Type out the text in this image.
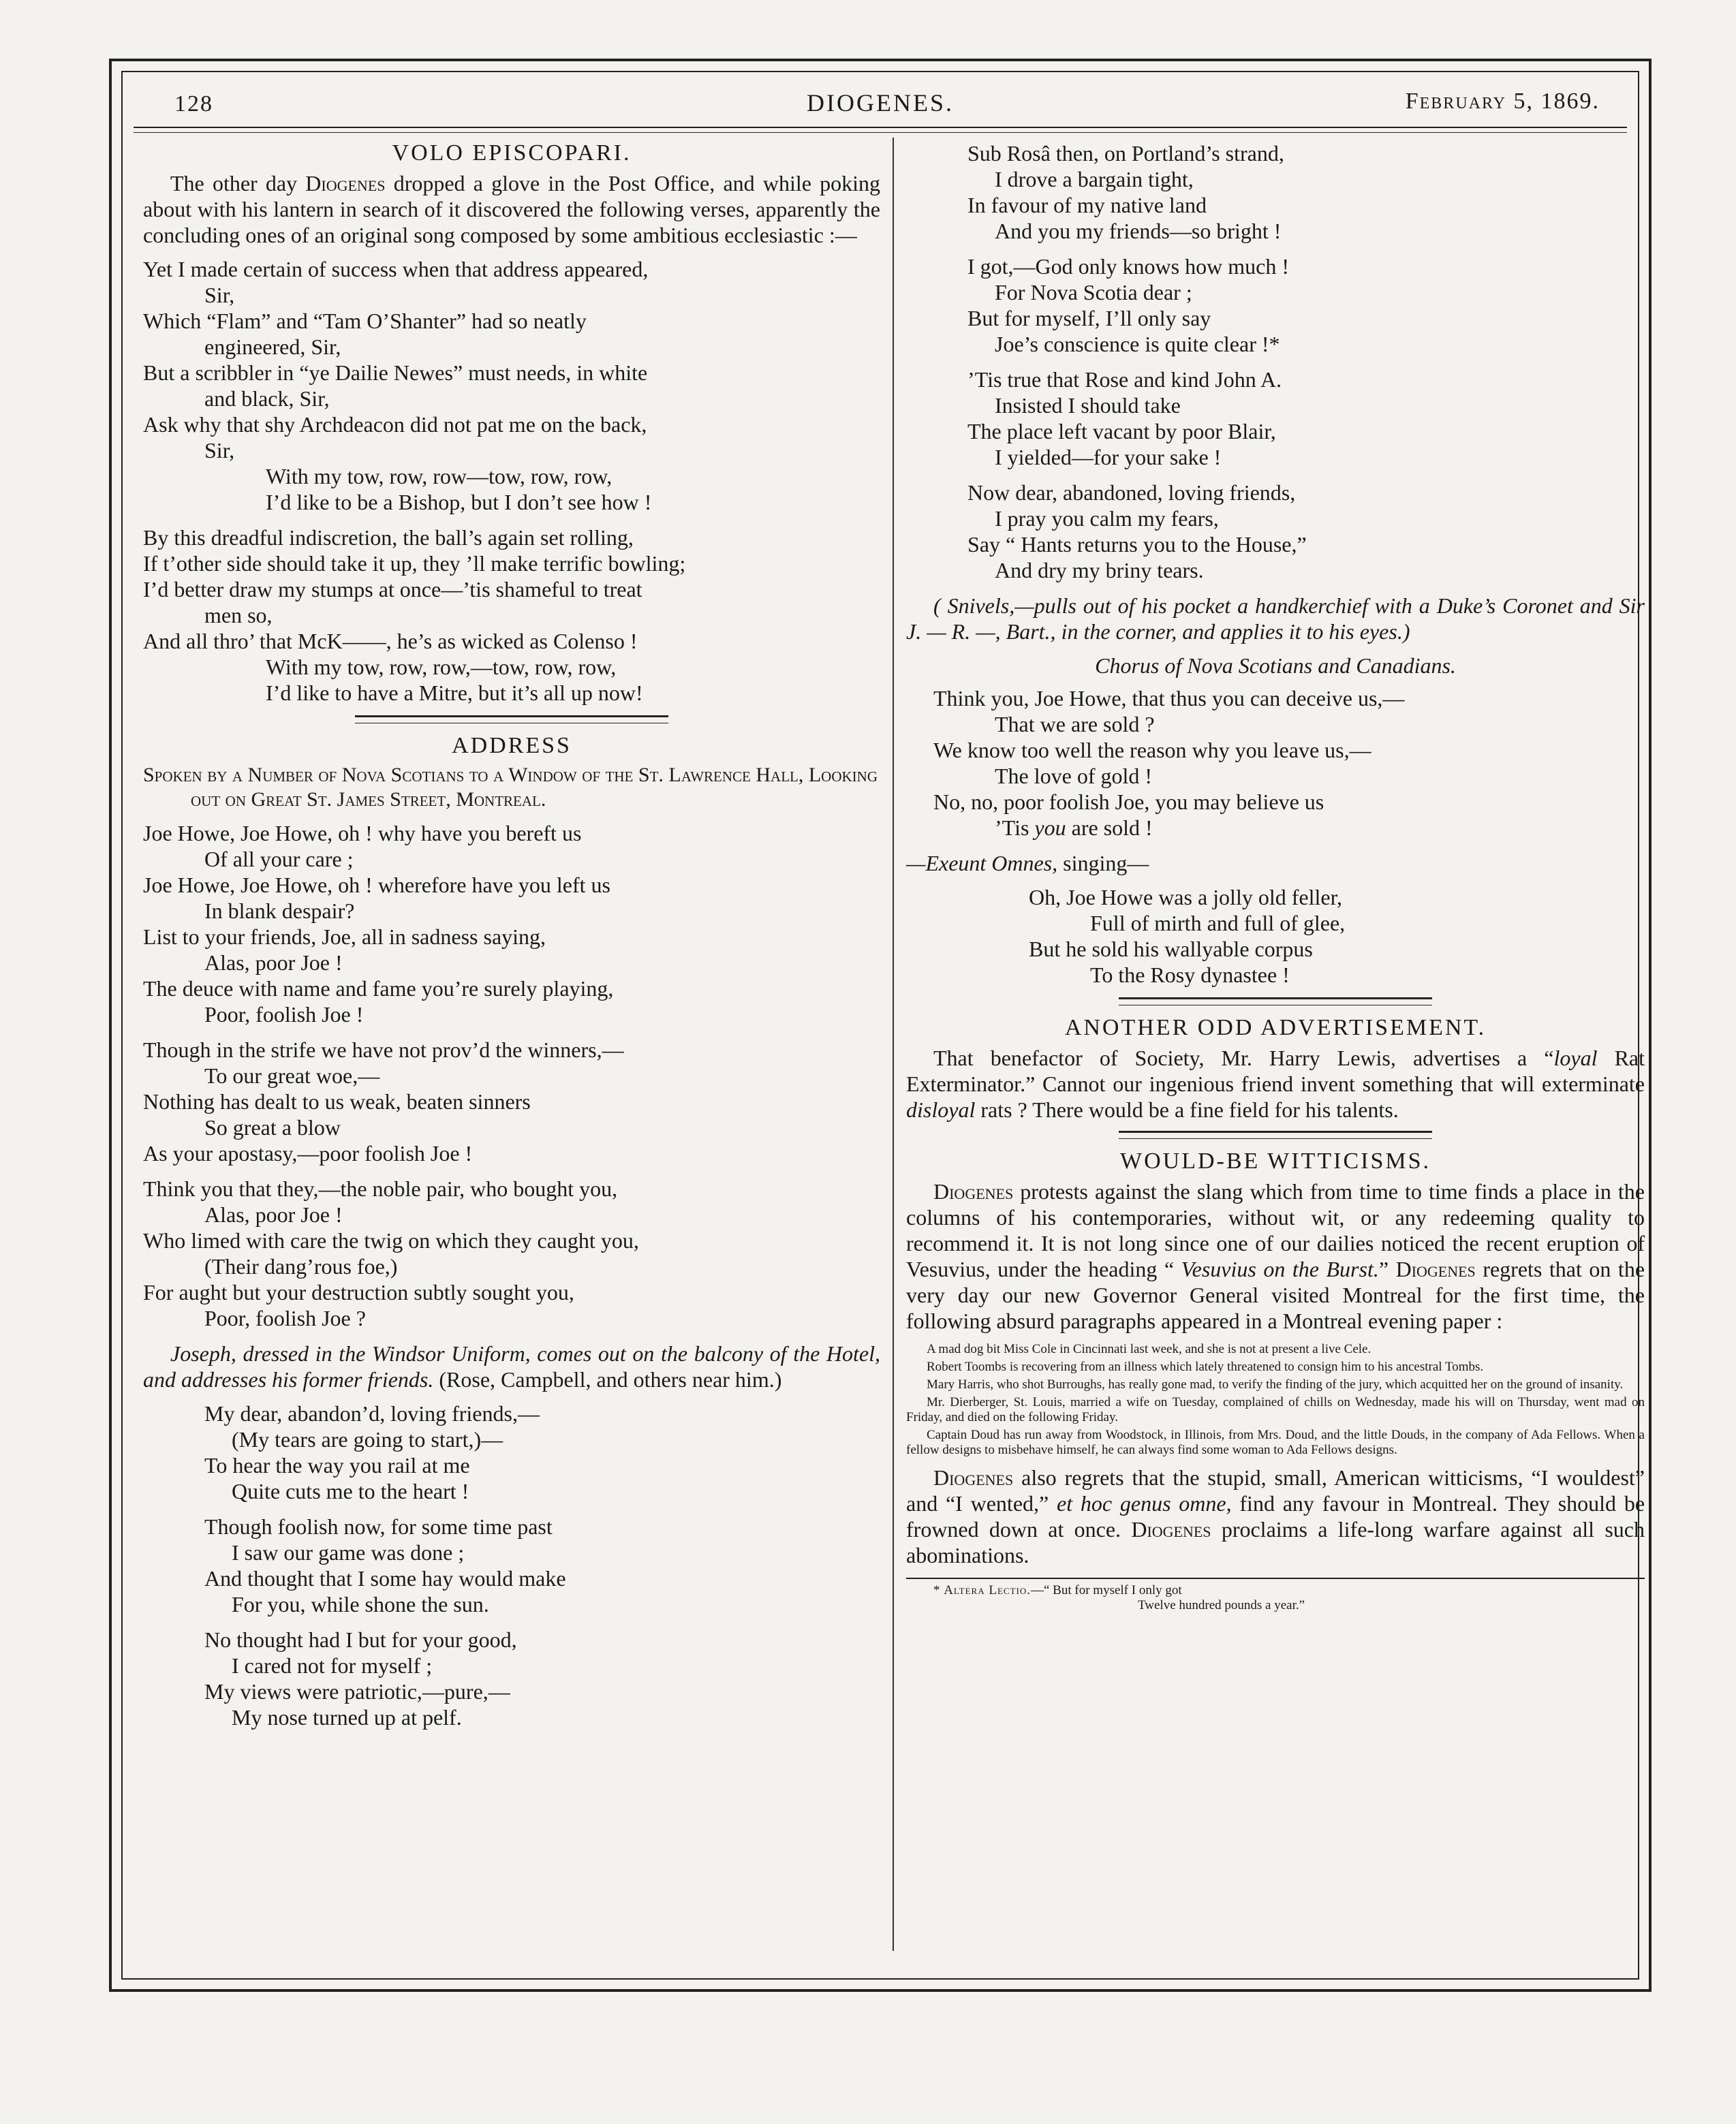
128	DIOGENES.	February 5, 1869.
VOLO EPISCOPARI.
The other day Diogenes dropped a glove in the Post Office, and while poking about with his lantern in search of it discovered the following verses, apparently the concluding ones of an original song composed by some ambitious ecclesiastic :—
Yet I made certain of success when that address appeared,
Sir,
Which “Flam” and “Tam O’Shanter” had so neatly
engineered, Sir,
But a scribbler in “ye Dailie Newes” must needs, in white
and black, Sir,
Ask why that shy Archdeacon did not pat me on the back,
Sir,
With my tow, row, row—tow, row, row,
I’d like to be a Bishop, but I don’t see how !
By this dreadful indiscretion, the ball’s again set rolling,
If t’other side should take it up, they ’ll make terrific bowling;
I’d better draw my stumps at once—’tis shameful to treat
men so,
And all thro’ that McK——, he’s as wicked as Colenso !
With my tow, row, row,—tow, row, row,
I’d like to have a Mitre, but it’s all up now!
ADDRESS
Spoken by a Number of Nova Scotians to a Window of the St. Lawrence Hall, Looking out on Great St. James Street, Montreal.
Joe Howe, Joe Howe, oh ! why have you bereft us
Of all your care ;
Joe Howe, Joe Howe, oh ! wherefore have you left us
In blank despair?
List to your friends, Joe, all in sadness saying,
Alas, poor Joe !
The deuce with name and fame you’re surely playing,
Poor, foolish Joe !
Though in the strife we have not prov’d the winners,—
To our great woe,—
Nothing has dealt to us weak, beaten sinners
So great a blow
As your apostasy,—poor foolish Joe !
Think you that they,—the noble pair, who bought you,
Alas, poor Joe !
Who limed with care the twig on which they caught you,
(Their dang’rous foe,)
For aught but your destruction subtly sought you,
Poor, foolish Joe ?
Joseph, dressed in the Windsor Uniform, comes out on the balcony of the Hotel, and addresses his former friends. (Rose, Campbell, and others near him.)
My dear, abandon’d, loving friends,—
(My tears are going to start,)—
To hear the way you rail at me
Quite cuts me to the heart !
Though foolish now, for some time past
I saw our game was done ;
And thought that I some hay would make
For you, while shone the sun.
No thought had I but for your good,
I cared not for myself ;
My views were patriotic,—pure,—
My nose turned up at pelf.
Sub Rosâ then, on Portland’s strand,
I drove a bargain tight,
In favour of my native land
And you my friends—so bright !
I got,—God only knows how much !
For Nova Scotia dear ;
But for myself, I’ll only say
Joe’s conscience is quite clear !*
’Tis true that Rose and kind John A.
Insisted I should take
The place left vacant by poor Blair,
I yielded—for your sake !
Now dear, abandoned, loving friends,
I pray you calm my fears,
Say “ Hants returns you to the House,”
And dry my briny tears.
( Snivels,—pulls out of his pocket a handkerchief with a Duke’s Coronet and Sir J. — R. —, Bart., in the corner, and applies it to his eyes.)
Chorus of Nova Scotians and Canadians.
Think you, Joe Howe, that thus you can deceive us,—
That we are sold ?
We know too well the reason why you leave us,—
The love of gold !
No, no, poor foolish Joe, you may believe us
’Tis you are sold !
—Exeunt Omnes, singing—
Oh, Joe Howe was a jolly old feller,
Full of mirth and full of glee,
But he sold his wallyable corpus
To the Rosy dynastee !
ANOTHER ODD ADVERTISEMENT.
That benefactor of Society, Mr. Harry Lewis, advertises a “loyal Rat Exterminator.” Cannot our ingenious friend invent something that will exterminate disloyal rats ? There would be a fine field for his talents.
WOULD-BE WITTICISMS.
Diogenes protests against the slang which from time to time finds a place in the columns of his contemporaries, without wit, or any redeeming quality to recommend it. It is not long since one of our dailies noticed the recent eruption of Vesuvius, under the heading “ Vesuvius on the Burst.” Diogenes regrets that on the very day our new Governor General visited Montreal for the first time, the following absurd paragraphs appeared in a Montreal evening paper :
A mad dog bit Miss Cole in Cincinnati last week, and she is not at present a live Cele.
Robert Toombs is recovering from an illness which lately threatened to consign him to his ancestral Tombs.
Mary Harris, who shot Burroughs, has really gone mad, to verify the finding of the jury, which acquitted her on the ground of insanity.
Mr. Dierberger, St. Louis, married a wife on Tuesday, complained of chills on Wednesday, made his will on Thursday, went mad on Friday, and died on the following Friday.
Captain Doud has run away from Woodstock, in Illinois, from Mrs. Doud, and the little Douds, in the company of Ada Fellows. When a fellow designs to misbehave himself, he can always find some woman to Ada Fellows designs.
Diogenes also regrets that the stupid, small, American witticisms, “I wouldest” and “I wented,” et hoc genus omne, find any favour in Montreal. They should be frowned down at once. Diogenes proclaims a life-long warfare against all such abominations.
* Altera Lectio.—“ But for myself I only got
Twelve hundred pounds a year.”
